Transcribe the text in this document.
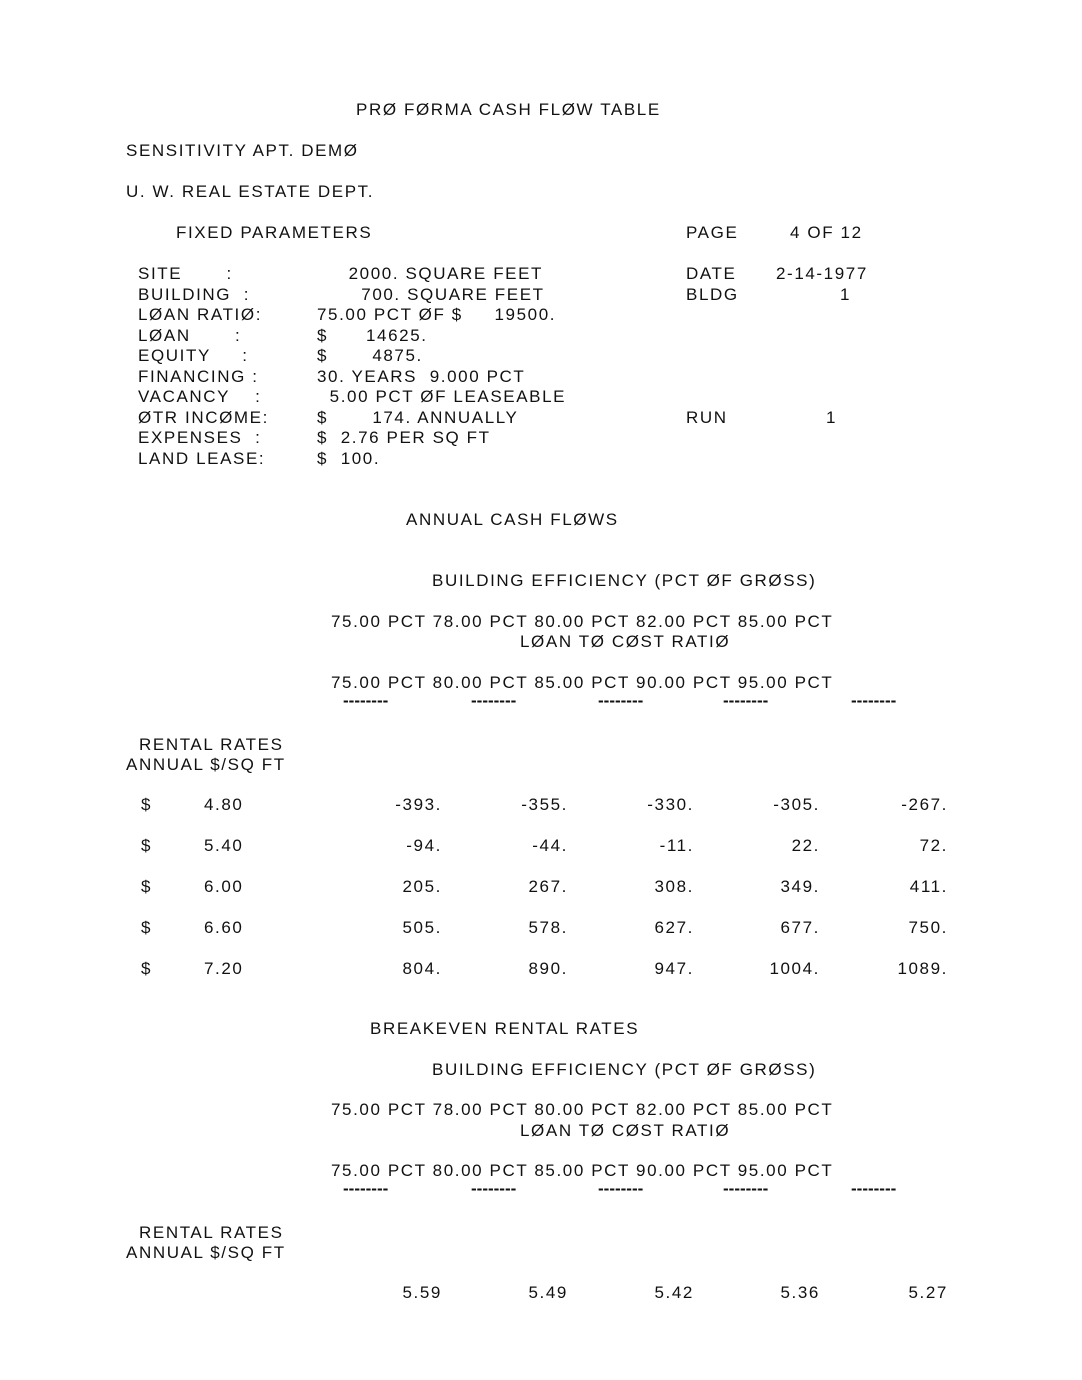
PRØ FØRMA CASH FLØW TABLE
SENSITIVITY APT. DEMØ
U. W. REAL ESTATE DEPT.
FIXED PARAMETERS	PAGE	4 OF 12
SITE       :	2000. SQUARE FEET
BUILDING  :	700. SQUARE FEET
LØAN RATIØ:	75.00 PCT ØF $     19500.
LØAN       :	$      14625.
EQUITY     :	$       4875.
FINANCING :	30. YEARS  9.000 PCT
VACANCY    :	5.00 PCT ØF LEASEABLE
ØTR INCØME:	$       174. ANNUALLY
EXPENSES  :	$  2.76 PER SQ FT
LAND LEASE:	$  100.
DATE 2-14-1977
BLDG	1
RUN	1
ANNUAL CASH FLØWS
BUILDING EFFICIENCY (PCT ØF GRØSS)
75.00 PCT 78.00 PCT 80.00 PCT 82.00 PCT 85.00 PCT
LØAN TØ CØST RATIØ
75.00 PCT 80.00 PCT 85.00 PCT 90.00 PCT 95.00 PCT
--------	--------	--------	--------	--------
RENTAL RATES
ANNUAL $/SQ FT
$	4.80	-393.	-355.	-330.	-305.	-267.
$	5.40	-94.	-44.	-11.	22.	72.
$	6.00	205.	267.	308.	349.	411.
$	6.60	505.	578.	627.	677.	750.
$	7.20	804.	890.	947.	1004.	1089.
BREAKEVEN RENTAL RATES
BUILDING EFFICIENCY (PCT ØF GRØSS)
75.00 PCT 78.00 PCT 80.00 PCT 82.00 PCT 85.00 PCT
LØAN TØ CØST RATIØ
75.00 PCT 80.00 PCT 85.00 PCT 90.00 PCT 95.00 PCT
--------	--------	--------	--------	--------
RENTAL RATES
ANNUAL $/SQ FT
5.59	5.49	5.42	5.36	5.27
